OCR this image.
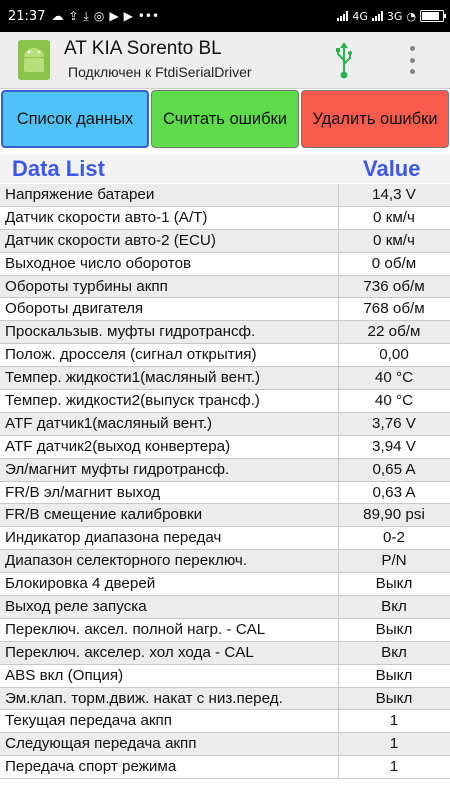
21:37 ☁ ⇪ ⤓ ◎ ▶ ▶ •••	4G 3G ◔
AT KIA Sorento BL
Подключен к FtdiSerialDriver
Список данных	Считать ошибки	Удалить ошибки
Data List	Value
Напряжение батареи	14,3 V
Датчик скорости авто-1 (A/T)	0 км/ч
Датчик скорости авто-2 (ECU)	0 км/ч
Выходное число оборотов	0 об/м
Обороты турбины акпп	736 об/м
Обороты двигателя	768 об/м
Проскальзыв. муфты гидротрансф.	22 об/м
Полож. дросселя (сигнал открытия)	0,00
Темпер. жидкости1(масляный вент.)	40 °C
Темпер. жидкости2(выпуск трансф.)	40 °C
ATF датчик1(масляный вент.)	3,76 V
ATF датчик2(выход конвертера)	3,94 V
Эл/магнит муфты гидротрансф.	0,65 A
FR/B эл/магнит выход	0,63 A
FR/B смещение калибровки	89,90 psi
Индикатор диапазона передач	0-2
Диапазон селекторного переключ.	P/N
Блокировка 4 дверей	Выкл
Выход реле запуска	Вкл
Переключ. аксел. полной нагр. - CAL	Выкл
Переключ. акселер. хол хода - CAL	Вкл
ABS вкл (Опция)	Выкл
Эм.клап. торм.движ. накат с низ.перед.	Выкл
Текущая передача акпп	1
Следующая передача акпп	1
Передача спорт режима	1
